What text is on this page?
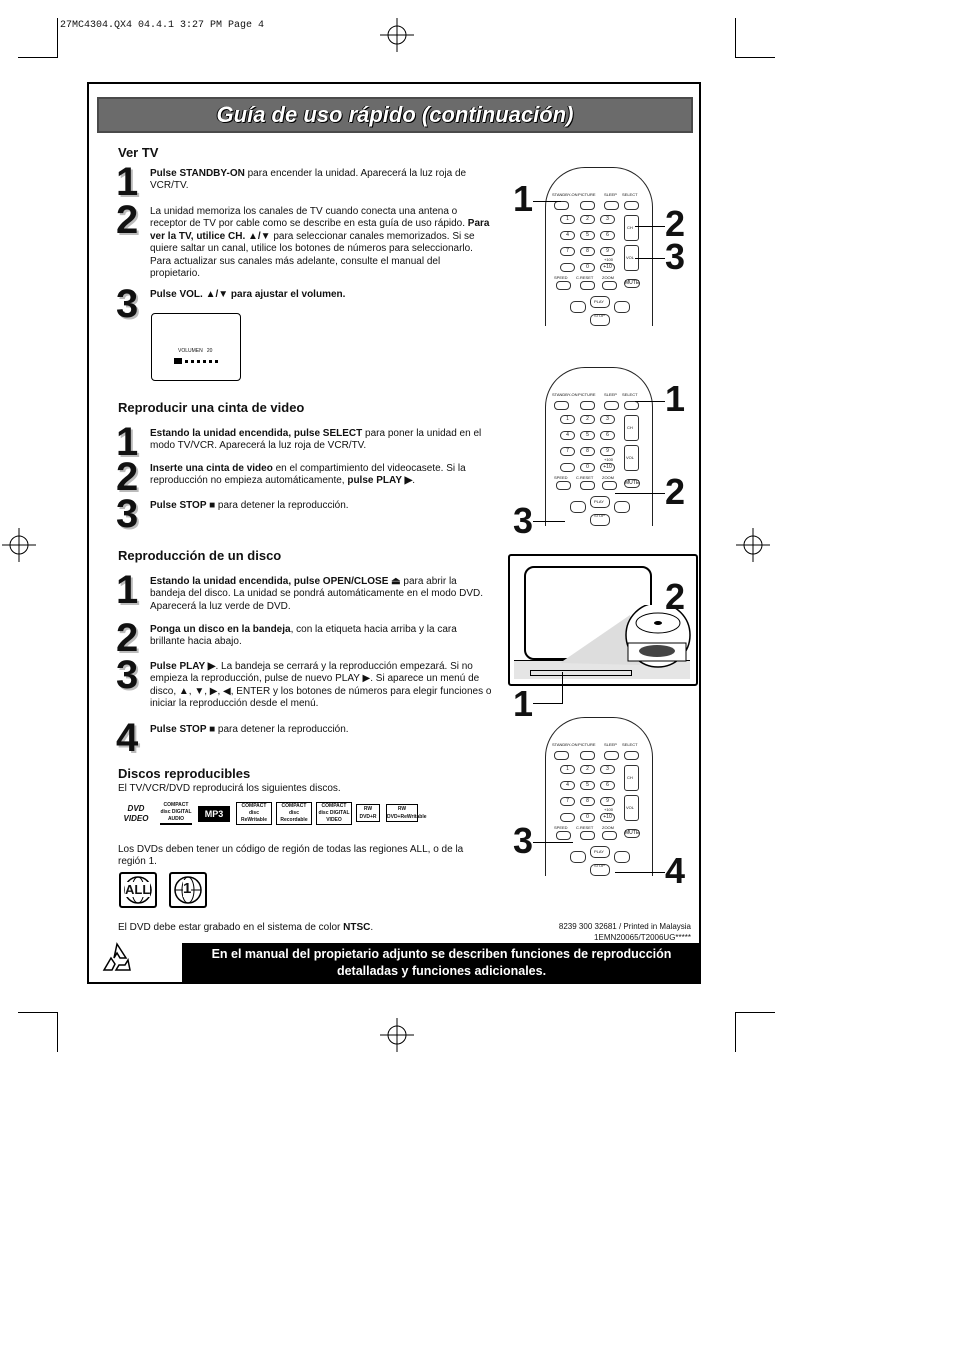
27MC4304.QX4 04.4.1 3:27 PM Page 4
Guía de uso rápido (continuación)
Ver TV
1 Pulse STANDBY-ON para encender la unidad. Aparecerá la luz roja de VCR/TV.
2 La unidad memoriza los canales de TV cuando conecta una antena o receptor de TV por cable como se describe en esta guía de uso rápido. Para ver la TV, utilice CH. ▲/▼ para seleccionar canales memorizados. Si se quiere saltar un canal, utilice los botones de números para seleccionarlo. Para actualizar sus canales más adelante, consulte el manual del propietario.
3 Pulse VOL. ▲/▼ para ajustar el volumen.
VOLUMEN 20
Reproducir una cinta de video
1 Estando la unidad encendida, pulse SELECT para poner la unidad en el modo TV/VCR. Aparecerá la luz roja de VCR/TV.
2 Inserte una cinta de video en el compartimiento del videocasete. Si la reproducción no empieza automáticamente, pulse PLAY ▶.
3 Pulse STOP ■ para detener la reproducción.
Reproducción de un disco
1 Estando la unidad encendida, pulse OPEN/CLOSE ⏏ para abrir la bandeja del disco. La unidad se pondrá automáticamente en el modo DVD. Aparecerá la luz verde de DVD.
2 Ponga un disco en la bandeja, con la etiqueta hacia arriba y la cara brillante hacia abajo.
3 Pulse PLAY ▶. La bandeja se cerrará y la reproducción empezará. Si no empieza la reproducción, pulse de nuevo PLAY ▶. Si aparece un menú de disco, ▲, ▼, ▶, ◀, ENTER y los botones de números para elegir funciones o iniciar la reproducción desde el menú.
4 Pulse STOP ■ para detener la reproducción.
Discos reproducibles
El TV/VCR/DVD reproducirá los siguientes discos.
DVD VIDEO
COMPACT disc DIGITAL AUDIO	MP3
COMPACT disc ReWritable
COMPACT disc Recordable
COMPACT disc DIGITAL VIDEO
RW DVD+R
RW DVD+ReWritable
Los DVDs deben tener un código de región de todas las regiones ALL, o de la región 1.
ALL 1
El DVD debe estar grabado en el sistema de color NTSC.	8239 300 32681 / Printed in Malaysia
1EMN20065/T2006UG*****
En el manual del propietario adjunto se describen funciones de reproducción
detalladas y funciones adicionales.
STANDBY-ON PICTURE SLEEP SELECT
1	2	3
4	5	6
7	8	9
0	+10
+100
CH
VOL
SPEED C.RESET ZOOM
MUTE
PLAY
STOP
STANDBY-ON PICTURE SLEEP SELECT
1	2	3
4	5	6
7	8	9
0	+10
+100
CH
VOL
SPEED C.RESET ZOOM
MUTE
PLAY
STOP
STANDBY-ON PICTURE SLEEP SELECT
1	2	3
4	5	6
7	8	9
0	+10
+100
CH
VOL
SPEED C.RESET ZOOM
MUTE
PLAY
STOP
1
2
3
1
2
3
2
1
3
4
